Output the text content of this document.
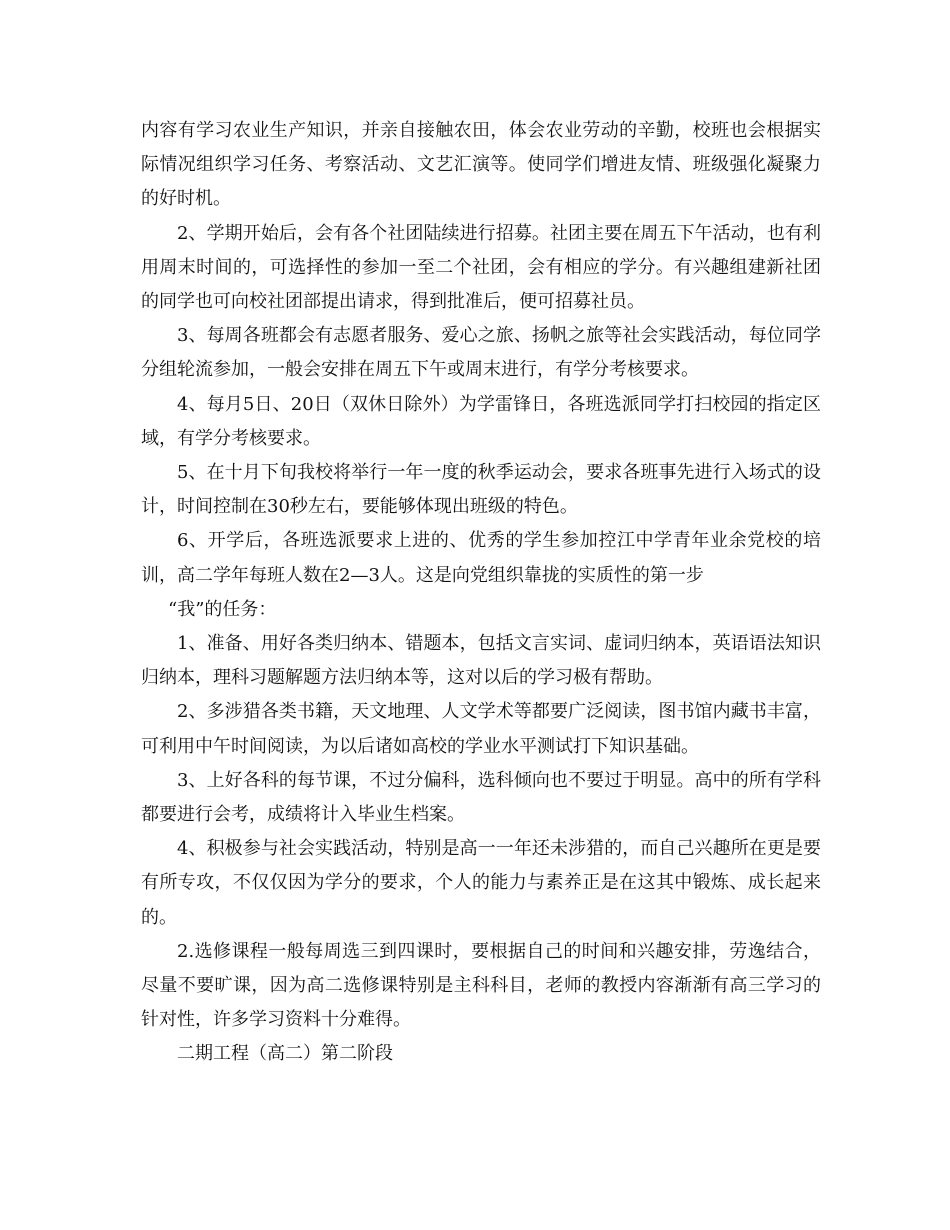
内容有学习农业生产知识，并亲自接触农田，体会农业劳动的辛勤，校班也会根据实际情况组织学习任务、考察活动、文艺汇演等。使同学们增进友情、班级强化凝聚力的好时机。

2、学期开始后，会有各个社团陆续进行招募。社团主要在周五下午活动，也有利用周末时间的，可选择性的参加一至二个社团，会有相应的学分。有兴趣组建新社团的同学也可向校社团部提出请求，得到批准后，便可招募社员。

3、每周各班都会有志愿者服务、爱心之旅、扬帆之旅等社会实践活动，每位同学分组轮流参加，一般会安排在周五下午或周末进行，有学分考核要求。

4、每月5日、20日（双休日除外）为学雷锋日，各班选派同学打扫校园的指定区域，有学分考核要求。

5、在十月下旬我校将举行一年一度的秋季运动会，要求各班事先进行入场式的设计，时间控制在30秒左右，要能够体现出班级的特色。

6、开学后，各班选派要求上进的、优秀的学生参加控江中学青年业余党校的培训，高二学年每班人数在2—3人。这是向党组织靠拢的实质性的第一步

“我”的任务：

1、准备、用好各类归纳本、错题本，包括文言实词、虚词归纳本，英语语法知识归纳本，理科习题解题方法归纳本等，这对以后的学习极有帮助。

2、多涉猎各类书籍，天文地理、人文学术等都要广泛阅读，图书馆内藏书丰富，可利用中午时间阅读，为以后诸如高校的学业水平测试打下知识基础。

3、上好各科的每节课，不过分偏科，选科倾向也不要过于明显。高中的所有学科都要进行会考，成绩将计入毕业生档案。

4、积极参与社会实践活动，特别是高一一年还未涉猎的，而自己兴趣所在更是要有所专攻，不仅仅因为学分的要求，个人的能力与素养正是在这其中锻炼、成长起来的。

2.选修课程一般每周选三到四课时，要根据自己的时间和兴趣安排，劳逸结合，尽量不要旷课，因为高二选修课特别是主科科目，老师的教授内容渐渐有高三学习的针对性，许多学习资料十分难得。

二期工程（高二）第二阶段
